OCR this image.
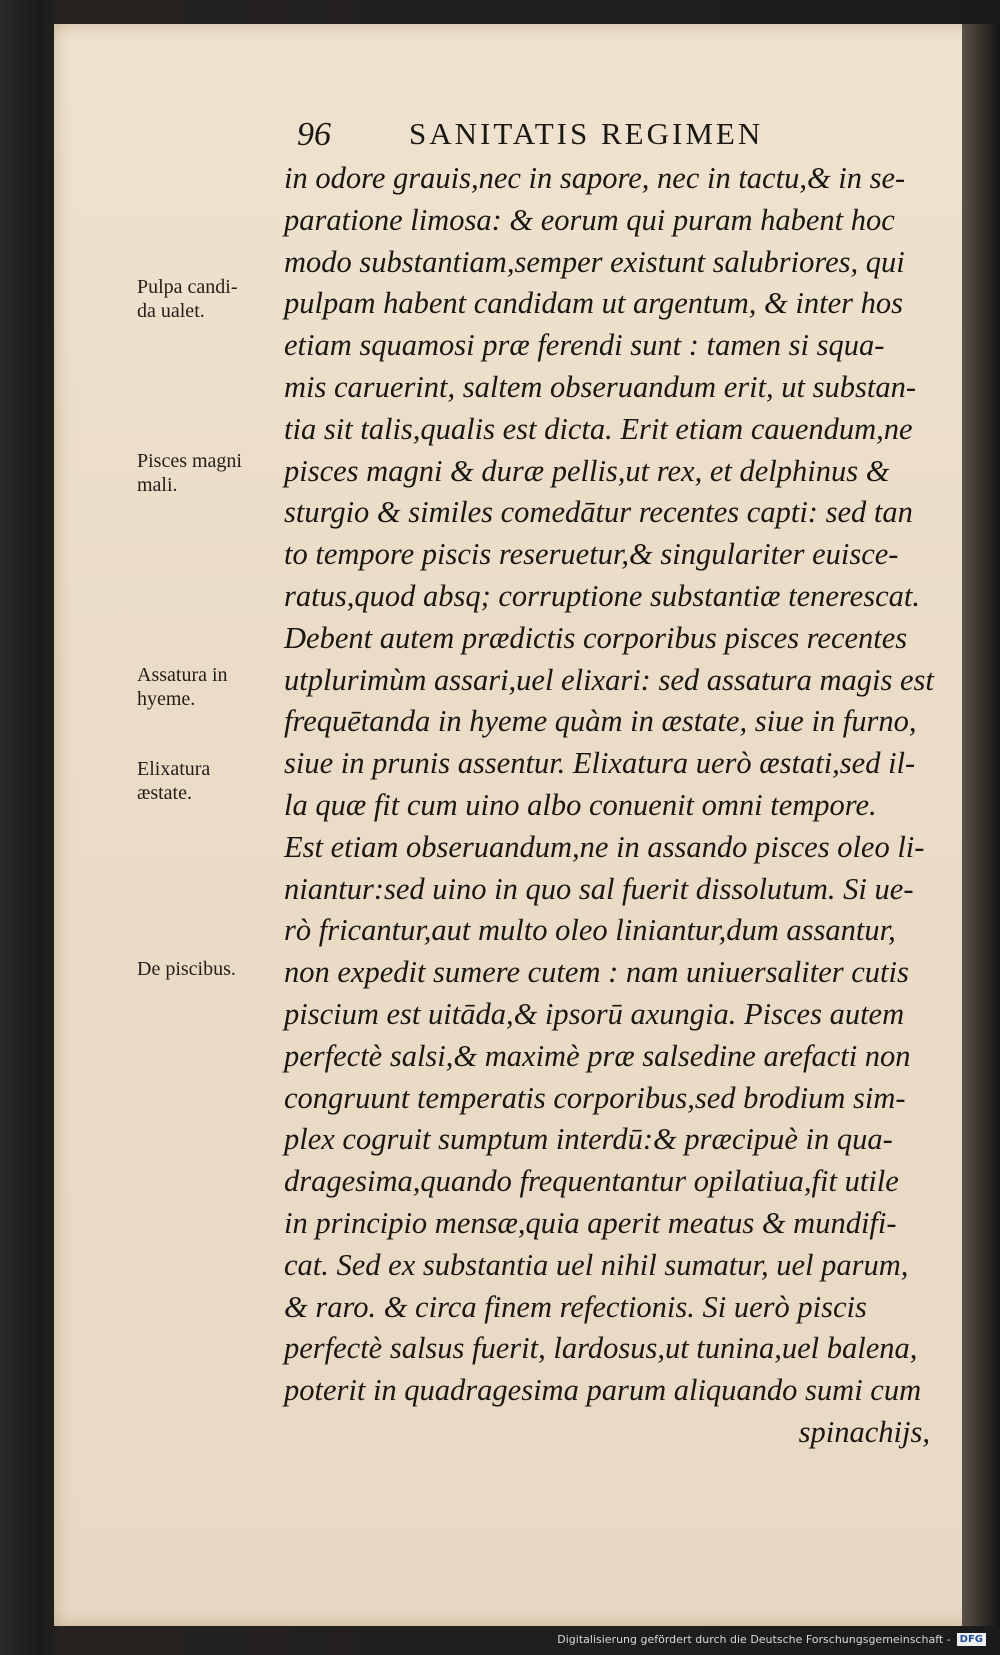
96	SANITATIS REGIMEN
Pulpa candi-
da ualet.
Pisces magni
mali.
Assatura in
hyeme.
Elixatura
æstate.
De piscibus.
in odore grauis,nec in sapore, nec in tactu,& in se-
paratione limosa: & eorum qui puram habent hoc
modo substantiam,semper existunt salubriores, qui
pulpam habent candidam ut argentum, & inter hos
etiam squamosi præ ferendi sunt : tamen si squa-
mis caruerint, saltem obseruandum erit, ut substan-
tia sit talis,qualis est dicta. Erit etiam cauendum,ne
pisces magni & duræ pellis,ut rex, et delphinus &
sturgio & similes comedātur recentes capti: sed tan
to tempore piscis reseruetur,& singulariter euisce-
ratus,quod absq; corruptione substantiæ tenerescat.
Debent autem prædictis corporibus pisces recentes
utplurimùm assari,uel elixari: sed assatura magis est
frequētanda in hyeme quàm in æstate, siue in furno,
siue in prunis assentur. Elixatura uerò æstati,sed il-
la quæ fit cum uino albo conuenit omni tempore.
Est etiam obseruandum,ne in assando pisces oleo li-
niantur:sed uino in quo sal fuerit dissolutum. Si ue-
rò fricantur,aut multo oleo liniantur,dum assantur,
non expedit sumere cutem : nam uniuersaliter cutis
piscium est uitāda,& ipsorū axungia. Pisces autem
perfectè salsi,& maximè præ salsedine arefacti non
congruunt temperatis corporibus,sed brodium sim-
plex cogruit sumptum interdū:& præcipuè in qua-
dragesima,quando frequentantur opilatiua,fit utile
in principio mensæ,quia aperit meatus & mundifi-
cat. Sed ex substantia uel nihil sumatur, uel parum,
& raro. & circa finem refectionis. Si uerò piscis
perfectè salsus fuerit, lardosus,ut tunina,uel balena,
poterit in quadragesima parum aliquando sumi cum
spinachijs,
Digitalisierung gefördert durch die Deutsche Forschungsgemeinschaft - DFG
